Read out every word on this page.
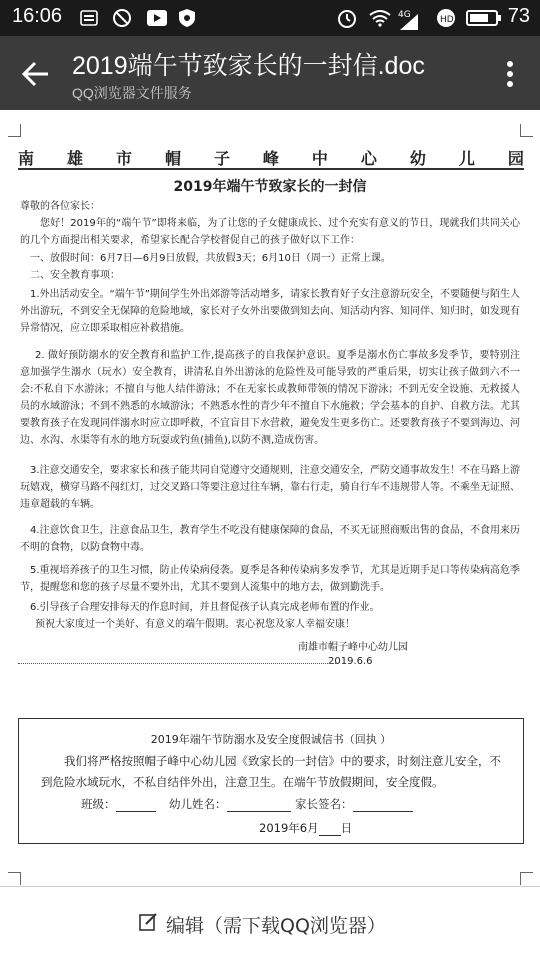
16:06	4G	HD	73
2019端午节致家长的一封信.doc
QQ浏览器文件服务
南 雄 市 帽 子 峰 中 心 幼 儿 园
2019年端午节致家长的一封信

尊敬的各位家长：

您好！2019年的“端午节”即将来临，为了让您的子女健康成长、过个充实有意义的节日，现就我们共同关心的几个方面提出相关要求，希望家长配合学校督促自己的孩子做好以下工作：

一、放假时间：6月7日—6月9日放假，共放假3天；6月10日（周一）正常上课。

二、安全教育事项：

1.外出活动安全。“端午节”期间学生外出郊游等活动增多，请家长教育好子女注意游玩安全，不要随便与陌生人外出游玩，不到安全无保障的危险地域，家长对子女外出要做到知去向、知活动内容、知同伴、知归时，如发现有异常情况，应立即采取相应补救措施。

2. 做好预防溺水的安全教育和监护工作,提高孩子的自我保护意识。夏季是溺水伤亡事故多发季节，要特别注意加强学生溺水（玩水）安全教育，讲清私自外出游泳的危险性及可能导致的严重后果，切实让孩子做到六不一会:不私自下水游泳；不擅自与他人结伴游泳；不在无家长或教师带领的情况下游泳；不到无安全设施、无救援人员的水域游泳；不到不熟悉的水域游泳；不熟悉水性的青少年不擅自下水施救；学会基本的自护、自救方法。尤其要教育孩子在发现同伴溺水时应立即呼救，不宜盲目下水营救，避免发生更多伤亡。还要教育孩子不要到海边、河边、水沟、水渠等有水的地方玩耍或钓鱼(捕鱼),以防不测,造成伤害。

3.注意交通安全，要求家长和孩子能共同自觉遵守交通规则，注意交通安全，严防交通事故发生！不在马路上游玩嬉戏，横穿马路不闯红灯，过交叉路口等要注意过往车辆，靠右行走，骑自行车不违规带人等。不乘坐无证照、违章超载的车辆。

4.注意饮食卫生，注意食品卫生，教育学生不吃没有健康保障的食品，不买无证照商贩出售的食品，不食用来历不明的食物，以防食物中毒。

5.重视培养孩子的卫生习惯，防止传染病侵袭。夏季是各种传染病多发季节，尤其是近期手足口等传染病高危季节，提醒您和您的孩子尽量不要外出，尤其不要到人流集中的地方去，做到勤洗手。

6.引导孩子合理安排每天的作息时间，并且督促孩子认真完成老师布置的作业。

预祝大家度过一个美好、有意义的端午假期。衷心祝您及家人幸福安康！

南雄市帽子峰中心幼儿园
2019.6.6
2019年端午节防溺水及安全度假诚信书（回执 ）

我们将严格按照帽子峰中心幼儿园《致家长的一封信》中的要求，时刻注意儿安全，不到危险水域玩水，不私自结伴外出，注意卫生。在端午节放假期间，安全度假。

班级：	幼儿姓名：	家长签名：
2019年6月 日
编辑（需下载QQ浏览器）
